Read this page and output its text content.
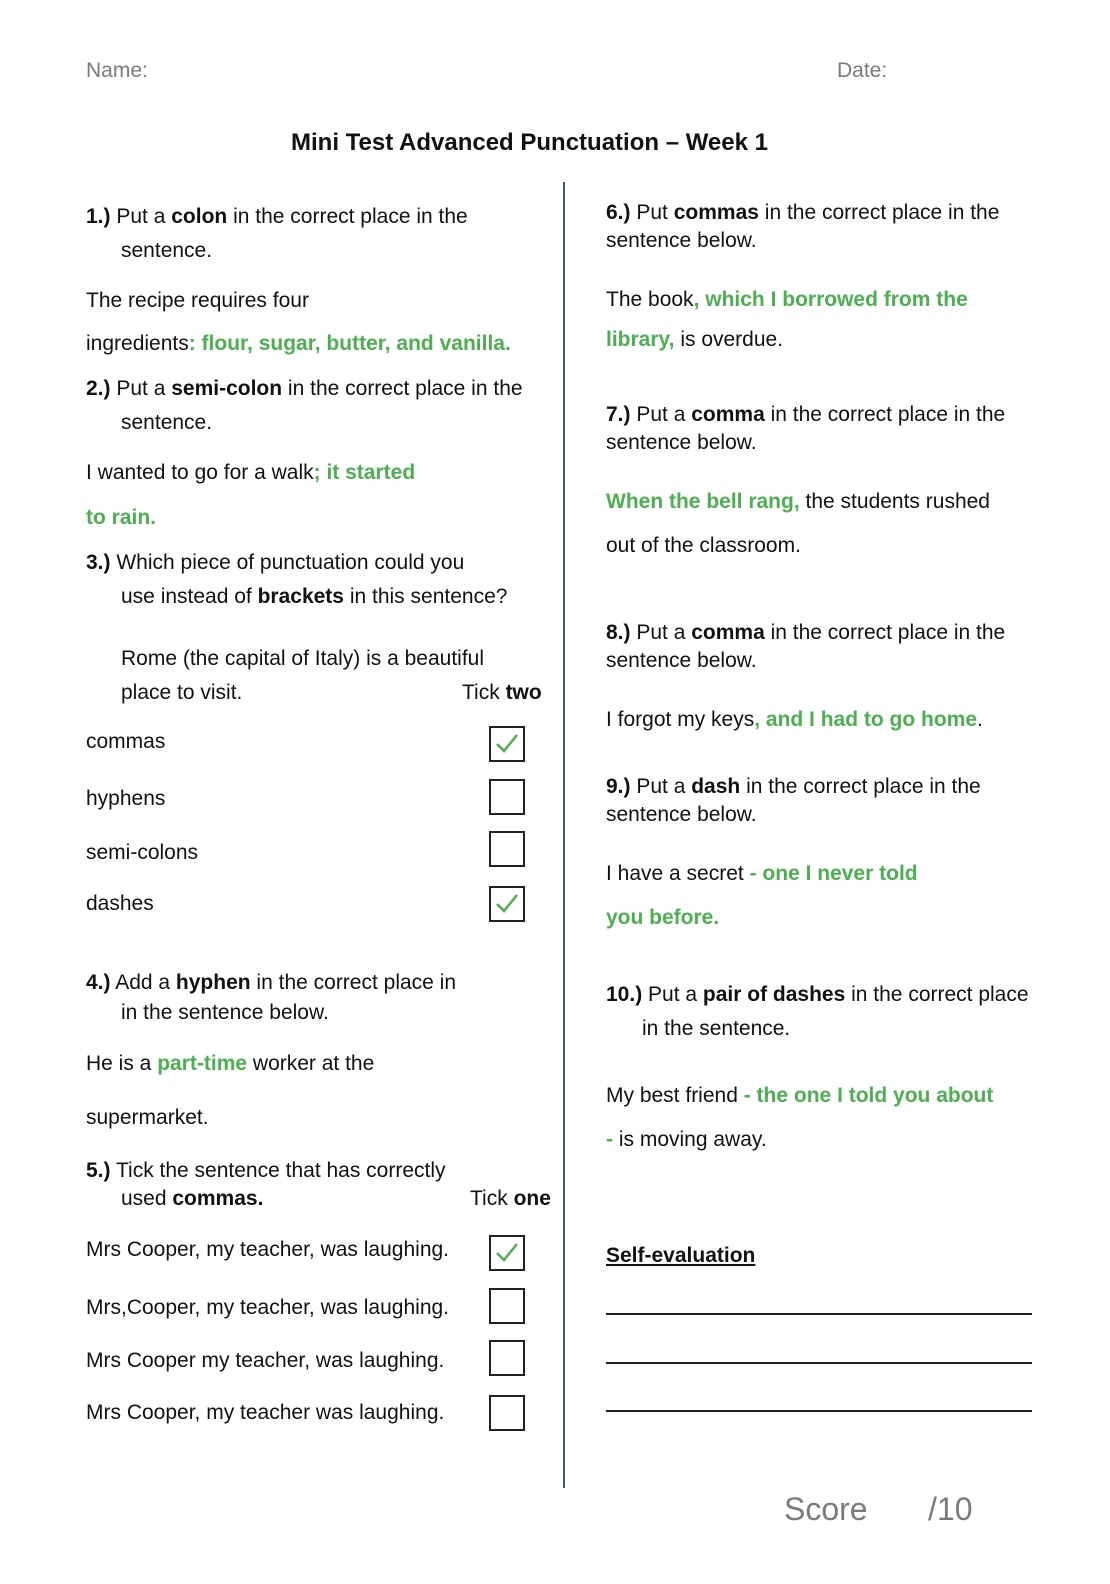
Name:	Date:
Mini Test Advanced Punctuation – Week 1
1.) Put a colon in the correct place in the
sentence.
The recipe requires four
ingredients: flour, sugar, butter, and vanilla.
2.) Put a semi-colon in the correct place in the
sentence.
I wanted to go for a walk; it started
to rain.
3.) Which piece of punctuation could you
use instead of brackets in this sentence?
Rome (the capital of Italy) is a beautiful
place to visit.	Tick two
commas
hyphens
semi-colons
dashes
4.) Add a hyphen in the correct place in
in the sentence below.
He is a part-time worker at the
supermarket.
5.) Tick the sentence that has correctly
used commas.	Tick one
Mrs Cooper, my teacher, was laughing.
Mrs,Cooper, my teacher, was laughing.
Mrs Cooper my teacher, was laughing.
Mrs Cooper, my teacher was laughing.
6.) Put commas in the correct place in the
sentence below.
The book, which I borrowed from the
library, is overdue.
7.) Put a comma in the correct place in the
sentence below.
When the bell rang, the students rushed
out of the classroom.
8.) Put a comma in the correct place in the
sentence below.
I forgot my keys, and I had to go home.
9.) Put a dash in the correct place in the
sentence below.
I have a secret - one I never told
you before.
10.) Put a pair of dashes in the correct place
in the sentence.
My best friend - the one I told you about
- is moving away.
Self-evaluation
Score /10
